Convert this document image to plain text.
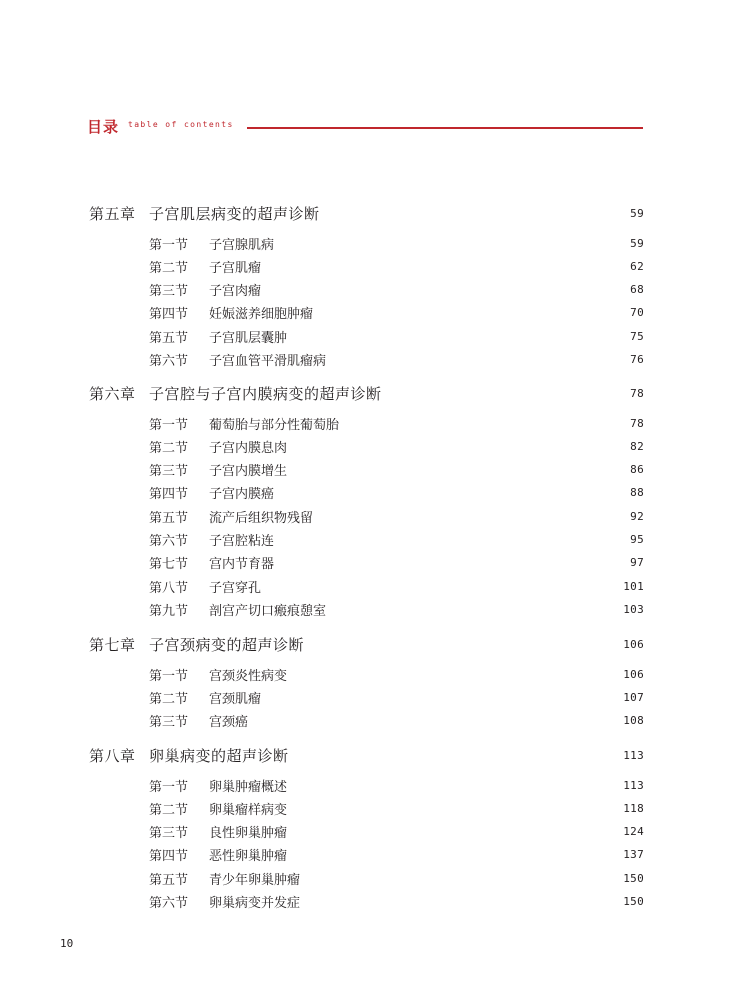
目录 table of contents
第五章 子宫肌层病变的超声诊断	59
第一节	子宫腺肌病	59
第二节	子宫肌瘤	62
第三节	子宫肉瘤	68
第四节	妊娠滋养细胞肿瘤	70
第五节	子宫肌层囊肿	75
第六节	子宫血管平滑肌瘤病	76
第六章 子宫腔与子宫内膜病变的超声诊断	78
第一节	葡萄胎与部分性葡萄胎	78
第二节	子宫内膜息肉	82
第三节	子宫内膜增生	86
第四节	子宫内膜癌	88
第五节	流产后组织物残留	92
第六节	子宫腔粘连	95
第七节	宫内节育器	97
第八节	子宫穿孔	101
第九节	剖宫产切口瘢痕憩室	103
第七章 子宫颈病变的超声诊断	106
第一节	宫颈炎性病变	106
第二节	宫颈肌瘤	107
第三节	宫颈癌	108
第八章 卵巢病变的超声诊断	113
第一节	卵巢肿瘤概述	113
第二节	卵巢瘤样病变	118
第三节	良性卵巢肿瘤	124
第四节	恶性卵巢肿瘤	137
第五节	青少年卵巢肿瘤	150
第六节	卵巢病变并发症	150
10
